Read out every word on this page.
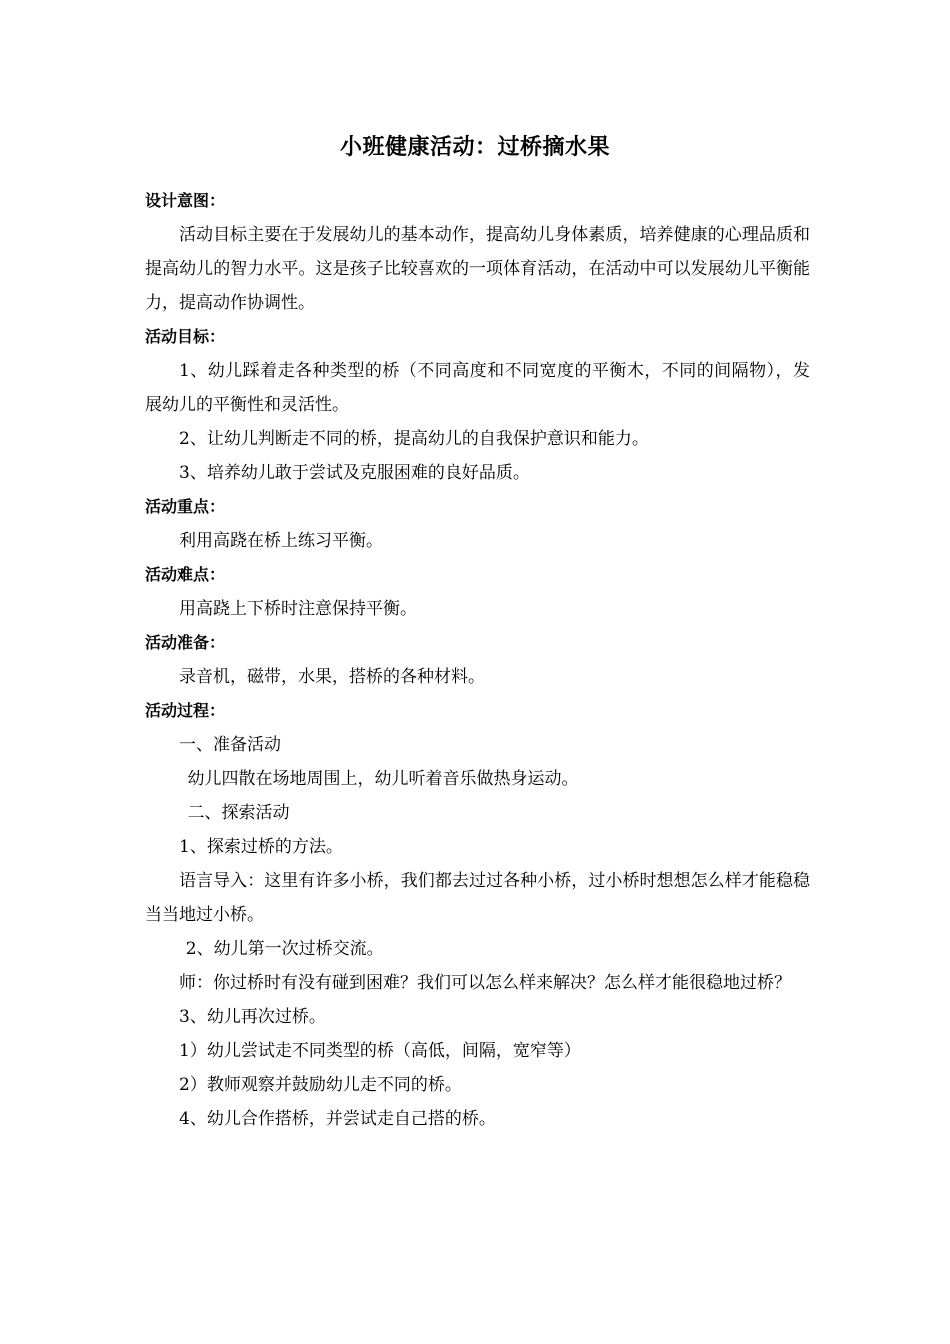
小班健康活动：过桥摘水果
设计意图：

活动目标主要在于发展幼儿的基本动作，提高幼儿身体素质，培养健康的心理品质和提高幼儿的智力水平。这是孩子比较喜欢的一项体育活动，在活动中可以发展幼儿平衡能力，提高动作协调性。

活动目标：

1、幼儿踩着走各种类型的桥（不同高度和不同宽度的平衡木，不同的间隔物），发展幼儿的平衡性和灵活性。

2、让幼儿判断走不同的桥，提高幼儿的自我保护意识和能力。

3、培养幼儿敢于尝试及克服困难的良好品质。

活动重点：

利用高跷在桥上练习平衡。

活动难点：

用高跷上下桥时注意保持平衡。

活动准备：

录音机，磁带，水果，搭桥的各种材料。

活动过程：

一、准备活动

幼儿四散在场地周围上，幼儿听着音乐做热身运动。

二、探索活动

1、探索过桥的方法。

语言导入：这里有许多小桥，我们都去过过各种小桥，过小桥时想想怎么样才能稳稳当当地过小桥。

2、幼儿第一次过桥交流。

师：你过桥时有没有碰到困难？我们可以怎么样来解决？怎么样才能很稳地过桥？

3、幼儿再次过桥。

1）幼儿尝试走不同类型的桥（高低，间隔，宽窄等）

2）教师观察并鼓励幼儿走不同的桥。

4、幼儿合作搭桥，并尝试走自己搭的桥。
